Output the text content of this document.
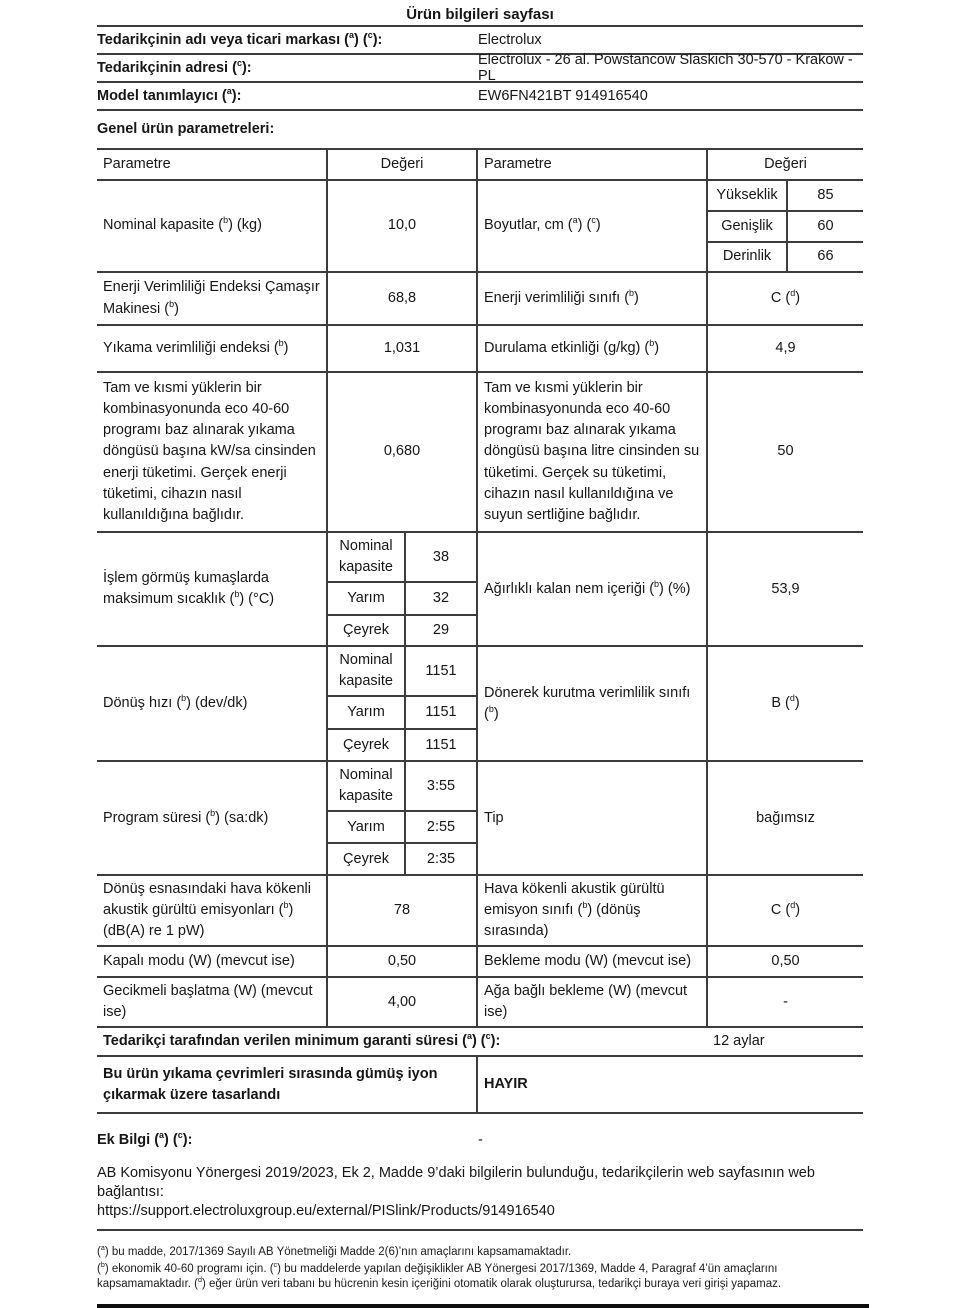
Ürün bilgileri sayfası
Tedarikçinin adı veya ticari markası ($^a$) ($^c$):	Electrolux
Tedarikçinin adresi ($^c$):	Electrolux - 26 al. Powstancow Slaskich 30-570 - Krakow - PL
Model tanımlayıcı ($^a$):	EW6FN421BT 914916540
Genel ürün parametreleri:
Parametre	Değeri		Parametre	Değeri	
Nominal kapasite ($^b$) (kg)	10,0		Boyutlar, cm ($^a$) ($^c$)	Yükseklik	85
				Genişlik	60
				Derinlik	66
Enerji Verimliliği Endeksi Çamaşır Makinesi ($^b$)	68,8		Enerji verimliliği sınıfı ($^b$)	C ($^d$)	
Yıkama verimliliği endeksi ($^b$)	1,031		Durulama etkinliği (g/kg) ($^b$)	4,9	
Tam ve kısmi yüklerin bir kombinasyonunda eco 40-60 programı baz alınarak yıkama döngüsü başına kW/sa cinsinden enerji tüketimi. Gerçek enerji tüketimi, cihazın nasıl kullanıldığına bağlıdır.	0,680		Tam ve kısmi yüklerin bir kombinasyonunda eco 40-60 programı baz alınarak yıkama döngüsü başına litre cinsinden su tüketimi. Gerçek su tüketimi, cihazın nasıl kullanıldığına ve suyun sertliğine bağlıdır.	50	
İşlem görmüş kumaşlarda maksimum sıcaklık ($^b$) (°C)	Nominal kapasite	38	Ağırlıklı kalan nem içeriği ($^b$) (%)	53,9	
	Yarım	32			
	Çeyrek	29			
Dönüş hızı ($^b$) (dev/dk)	Nominal kapasite	1151	Dönerek kurutma verimlilik sınıfı ($^b$)	B ($^d$)	
	Yarım	1151			
	Çeyrek	1151			
Program süresi ($^b$) (sa:dk)	Nominal kapasite	3:55	Tip	bağımsız	
	Yarım	2:55			
	Çeyrek	2:35			
Dönüş esnasındaki hava kökenli akustik gürültü emisyonları ($^b$) (dB(A) re 1 pW)	78		Hava kökenli akustik gürültü emisyon sınıfı ($^b$) (dönüş sırasında)	C ($^d$)	
Kapalı modu (W) (mevcut ise)	0,50		Bekleme modu (W) (mevcut ise)	0,50	
Gecikmeli başlatma (W) (mevcut ise)	4,00		Ağa bağlı bekleme (W) (mevcut ise)	-	
Tedarikçi tarafından verilen minimum garanti süresi ($^a$) ($^c$):				12 aylar	
Bu ürün yıkama çevrimleri sırasında gümüş iyon çıkarmak üzere tasarlandı			HAYIR		
Ek Bilgi ($^a$) ($^c$):	-
AB Komisyonu Yönergesi 2019/2023, Ek 2, Madde 9’daki bilgilerin bulunduğu, tedarikçilerin web sayfasının web bağlantısı:
https://support.electroluxgroup.eu/external/PISlink/Products/914916540

($^a$) bu madde, 2017/1369 Sayılı AB Yönetmeliği Madde 2(6)’nın amaçlarını kapsamamaktadır.

($^b$) ekonomik 40-60 programı için. ($^c$) bu maddelerde yapılan değişiklikler AB Yönergesi 2017/1369, Madde 4, Paragraf 4’ün amaçlarını kapsamamaktadır. ($^d$) eğer ürün veri tabanı bu hücrenin kesin içeriğini otomatik olarak oluşturursa, tedarikçi buraya veri girişi yapamaz.
